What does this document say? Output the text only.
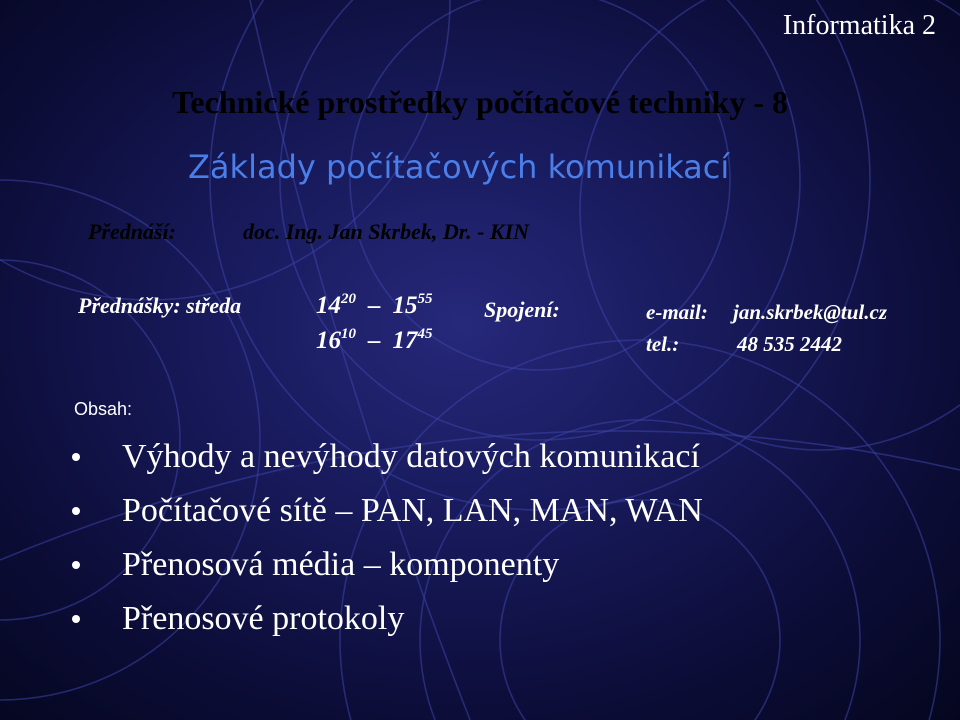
Informatika 2
Technické prostředky počítačové techniky - 8
Základy počítačových komunikací
Přednáší:	doc. Ing. Jan Skrbek, Dr. - KIN
Přednášky: středa	$14^{20} - 15^{55}$
$16^{10} - 17^{45}$
Spojení:	e-mail: jan.skrbek@tul.cz
tel.:	48 535 2442
Obsah:
Výhody a nevýhody datových komunikací
Počítačové sítě – PAN, LAN, MAN, WAN
Přenosová média – komponenty
Přenosové protokoly
